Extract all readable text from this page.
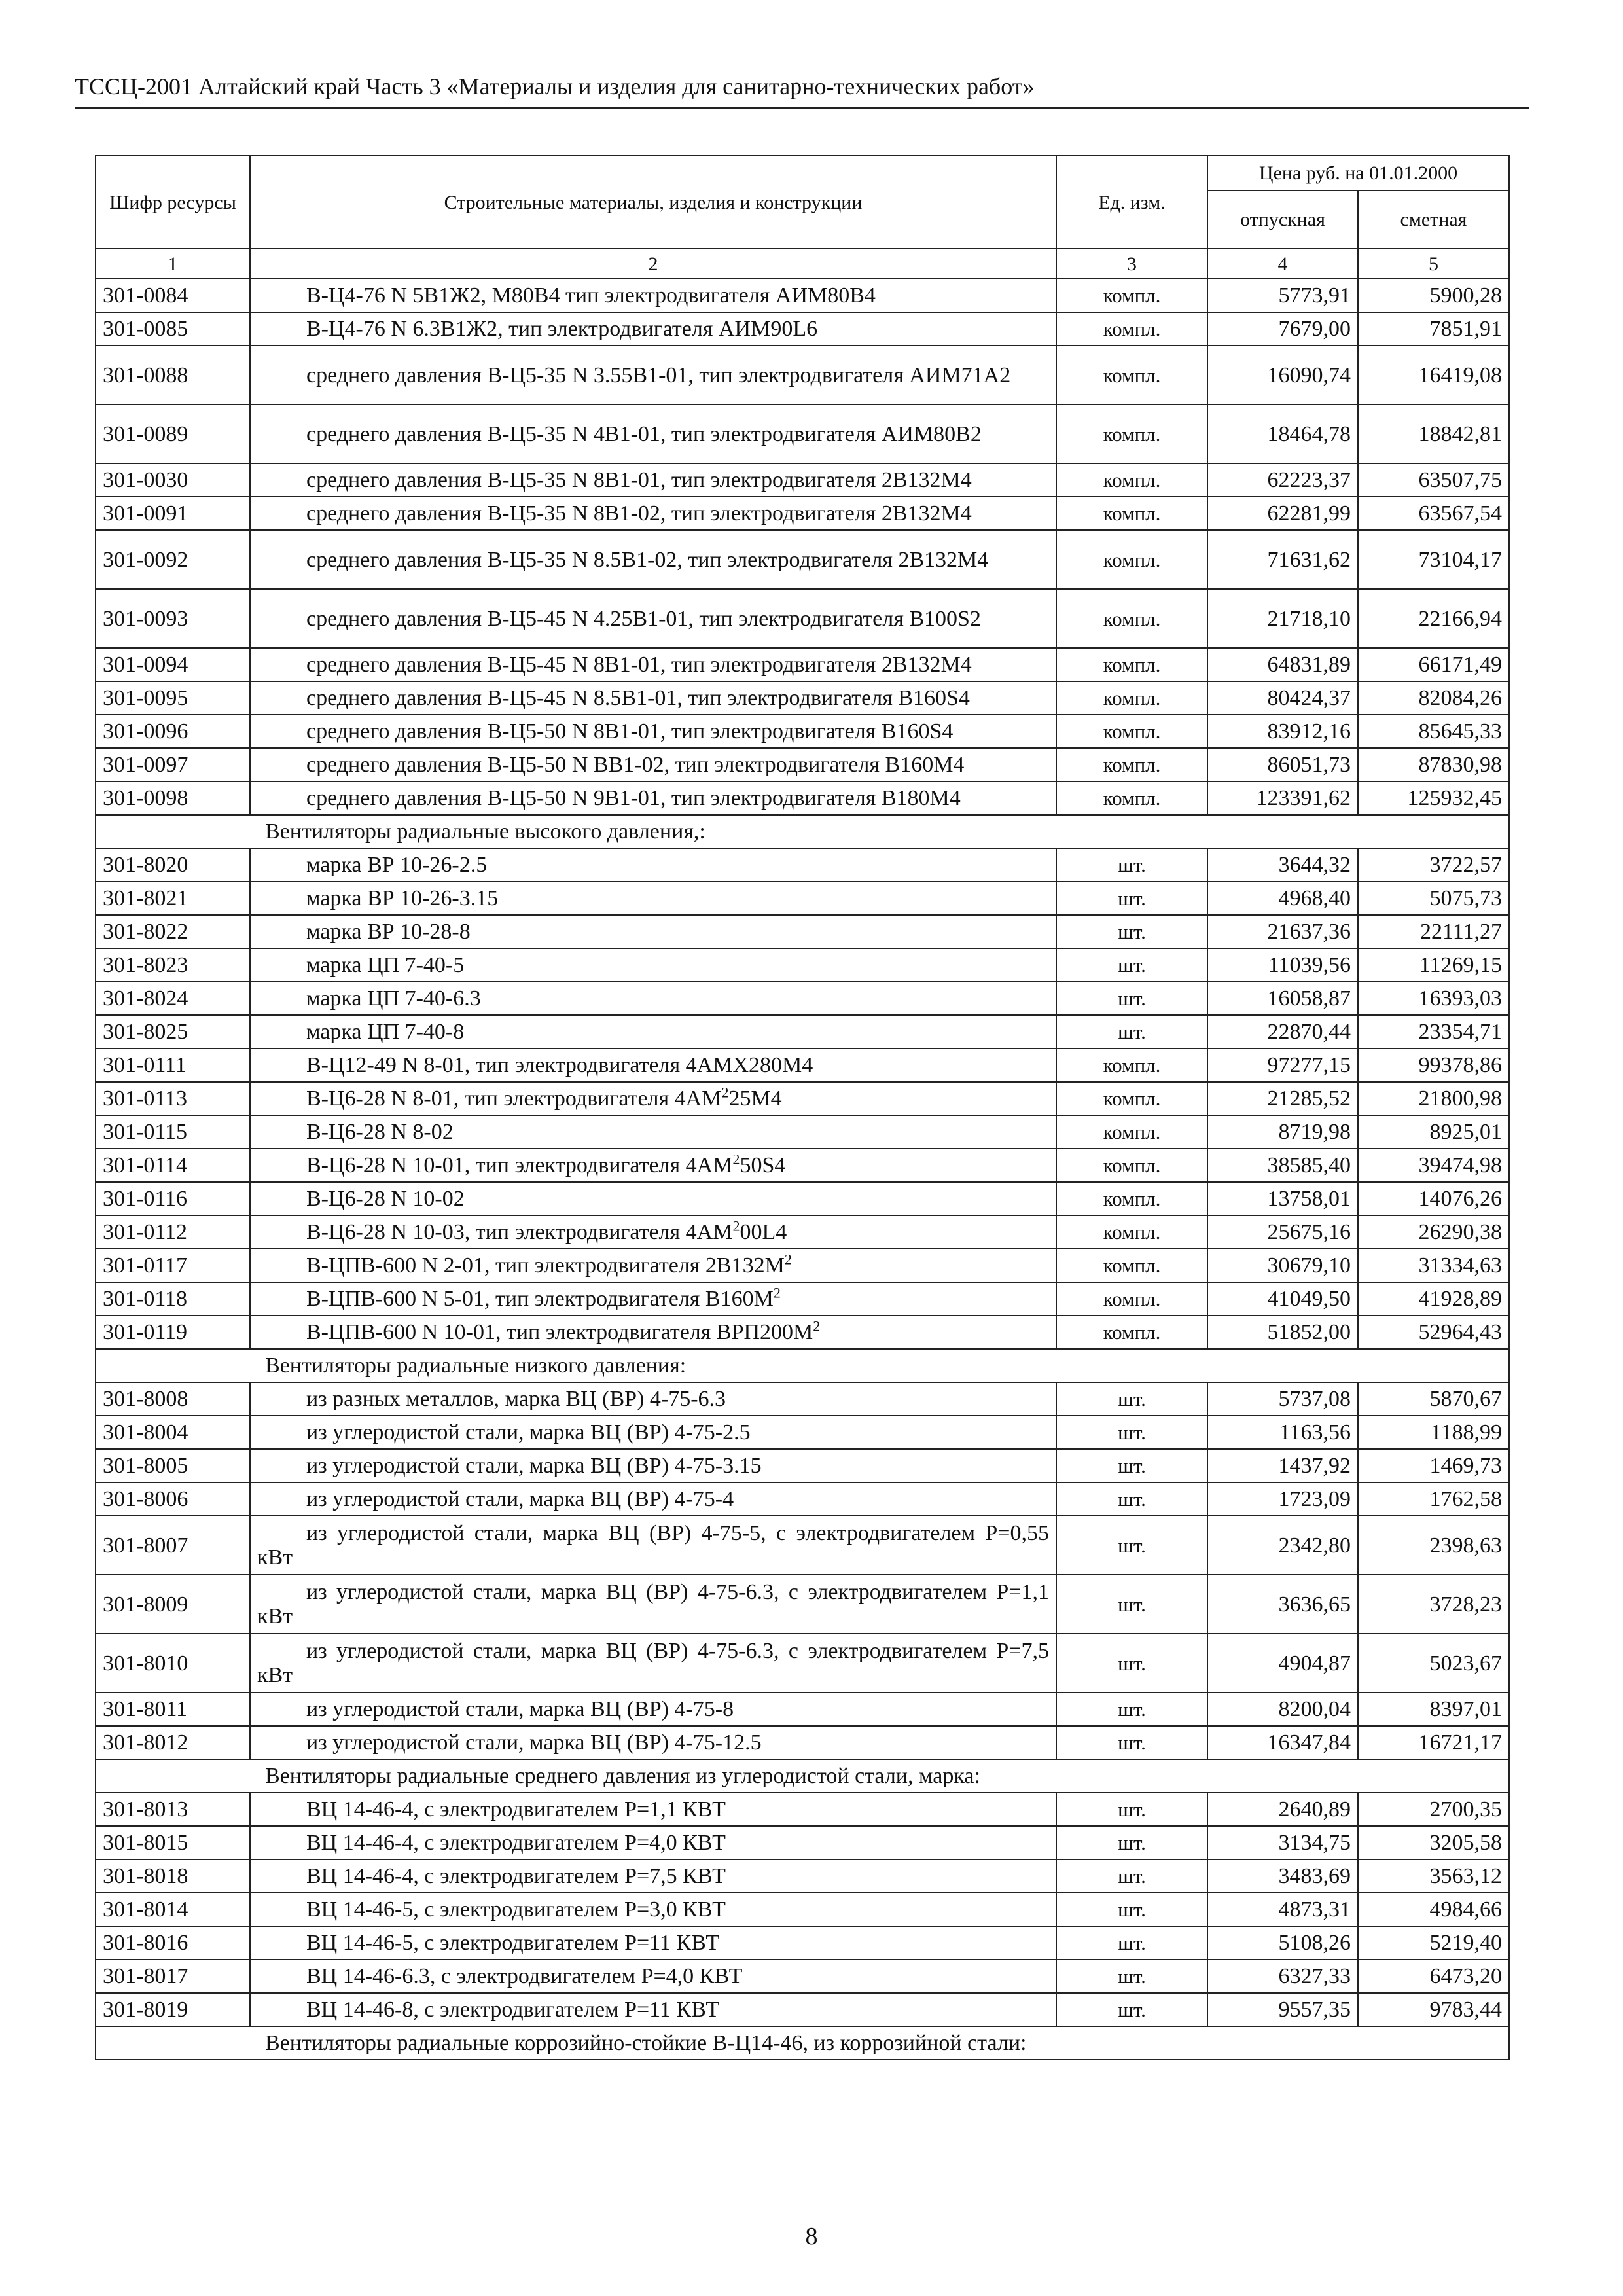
ТССЦ-2001 Алтайский край Часть 3 «Материалы и изделия для санитарно-технических работ»
Шифр ресурсы	Строительные материалы, изделия и конструкции	Ед. изм.	Цена руб. на 01.01.2000	
			отпускная	сметная
1	2	3	4	5
301-0084	В-Ц4-76 N 5В1Ж2, М80В4 тип электродвигателя АИМ80В4	компл.	5773,91	5900,28
301-0085	В-Ц4-76 N 6.3В1Ж2, тип электродвигателя АИМ90L6	компл.	7679,00	7851,91
301-0088	среднего давления В-Ц5-35 N 3.55В1-01, тип электродвигателя АИМ71А2	компл.	16090,74	16419,08
301-0089	среднего давления В-Ц5-35 N 4В1-01, тип электродвигателя АИМ80В2	компл.	18464,78	18842,81
301-0030	среднего давления В-Ц5-35 N 8В1-01, тип электродвигателя 2В132М4	компл.	62223,37	63507,75
301-0091	среднего давления В-Ц5-35 N 8В1-02, тип электродвигателя 2В132М4	компл.	62281,99	63567,54
301-0092	среднего давления В-Ц5-35 N 8.5В1-02, тип электродвигателя 2В132М4	компл.	71631,62	73104,17
301-0093	среднего давления В-Ц5-45 N 4.25В1-01, тип электродвигателя В100S2	компл.	21718,10	22166,94
301-0094	среднего давления В-Ц5-45 N 8В1-01, тип электродвигателя 2В132М4	компл.	64831,89	66171,49
301-0095	среднего давления В-Ц5-45 N 8.5В1-01, тип электродвигателя В160S4	компл.	80424,37	82084,26
301-0096	среднего давления В-Ц5-50 N 8В1-01, тип электродвигателя В160S4	компл.	83912,16	85645,33
301-0097	среднего давления В-Ц5-50 N ВВ1-02, тип электродвигателя В160М4	компл.	86051,73	87830,98
301-0098	среднего давления В-Ц5-50 N 9В1-01, тип электродвигателя В180М4	компл.	123391,62	125932,45
Вентиляторы радиальные высокого давления,:				
301-8020	марка ВР 10-26-2.5	шт.	3644,32	3722,57
301-8021	марка ВР 10-26-3.15	шт.	4968,40	5075,73
301-8022	марка ВР 10-28-8	шт.	21637,36	22111,27
301-8023	марка ЦП 7-40-5	шт.	11039,56	11269,15
301-8024	марка ЦП 7-40-6.3	шт.	16058,87	16393,03
301-8025	марка ЦП 7-40-8	шт.	22870,44	23354,71
301-0111	В-Ц12-49 N 8-01, тип электродвигателя 4АМХ280М4	компл.	97277,15	99378,86
301-0113	В-Ц6-28 N 8-01, тип электродвигателя $4АМ^225М4$	компл.	21285,52	21800,98
301-0115	В-Ц6-28 N 8-02	компл.	8719,98	8925,01
301-0114	В-Ц6-28 N 10-01, тип электродвигателя $4АМ^250S4$	компл.	38585,40	39474,98
301-0116	В-Ц6-28 N 10-02	компл.	13758,01	14076,26
301-0112	В-Ц6-28 N 10-03, тип электродвигателя $4АМ^200L4$	компл.	25675,16	26290,38
301-0117	В-ЦПВ-600 N 2-01, тип электродвигателя $2В132М^2$	компл.	30679,10	31334,63
301-0118	В-ЦПВ-600 N 5-01, тип электродвигателя $В160М^2$	компл.	41049,50	41928,89
301-0119	В-ЦПВ-600 N 10-01, тип электродвигателя $ВРП200М^2$	компл.	51852,00	52964,43
Вентиляторы радиальные низкого давления:				
301-8008	из разных металлов, марка ВЦ (ВР) 4-75-6.3	шт.	5737,08	5870,67
301-8004	из углеродистой стали, марка ВЦ (ВР) 4-75-2.5	шт.	1163,56	1188,99
301-8005	из углеродистой стали, марка ВЦ (ВР) 4-75-3.15	шт.	1437,92	1469,73
301-8006	из углеродистой стали, марка ВЦ (ВР) 4-75-4	шт.	1723,09	1762,58
301-8007	из углеродистой стали, марка ВЦ (ВР) 4-75-5, с электродвигателем Р=0,55 кВт	шт.	2342,80	2398,63
301-8009	из углеродистой стали, марка ВЦ (ВР) 4-75-6.3, с электродвигателем Р=1,1 кВт	шт.	3636,65	3728,23
301-8010	из углеродистой стали, марка ВЦ (ВР) 4-75-6.3, с электродвигателем Р=7,5 кВт	шт.	4904,87	5023,67
301-8011	из углеродистой стали, марка ВЦ (ВР) 4-75-8	шт.	8200,04	8397,01
301-8012	из углеродистой стали, марка ВЦ (ВР) 4-75-12.5	шт.	16347,84	16721,17
Вентиляторы радиальные среднего давления из углеродистой стали, марка:				
301-8013	ВЦ 14-46-4, с электродвигателем Р=1,1 КВТ	шт.	2640,89	2700,35
301-8015	ВЦ 14-46-4, с электродвигателем Р=4,0 КВТ	шт.	3134,75	3205,58
301-8018	ВЦ 14-46-4, с электродвигателем Р=7,5 КВТ	шт.	3483,69	3563,12
301-8014	ВЦ 14-46-5, с электродвигателем Р=3,0 КВТ	шт.	4873,31	4984,66
301-8016	ВЦ 14-46-5, с электродвигателем Р=11 КВТ	шт.	5108,26	5219,40
301-8017	ВЦ 14-46-6.3, с электродвигателем Р=4,0 КВТ	шт.	6327,33	6473,20
301-8019	ВЦ 14-46-8, с электродвигателем Р=11 КВТ	шт.	9557,35	9783,44
Вентиляторы радиальные коррозийно-стойкие В-Ц14-46, из коррозийной стали:				
8
